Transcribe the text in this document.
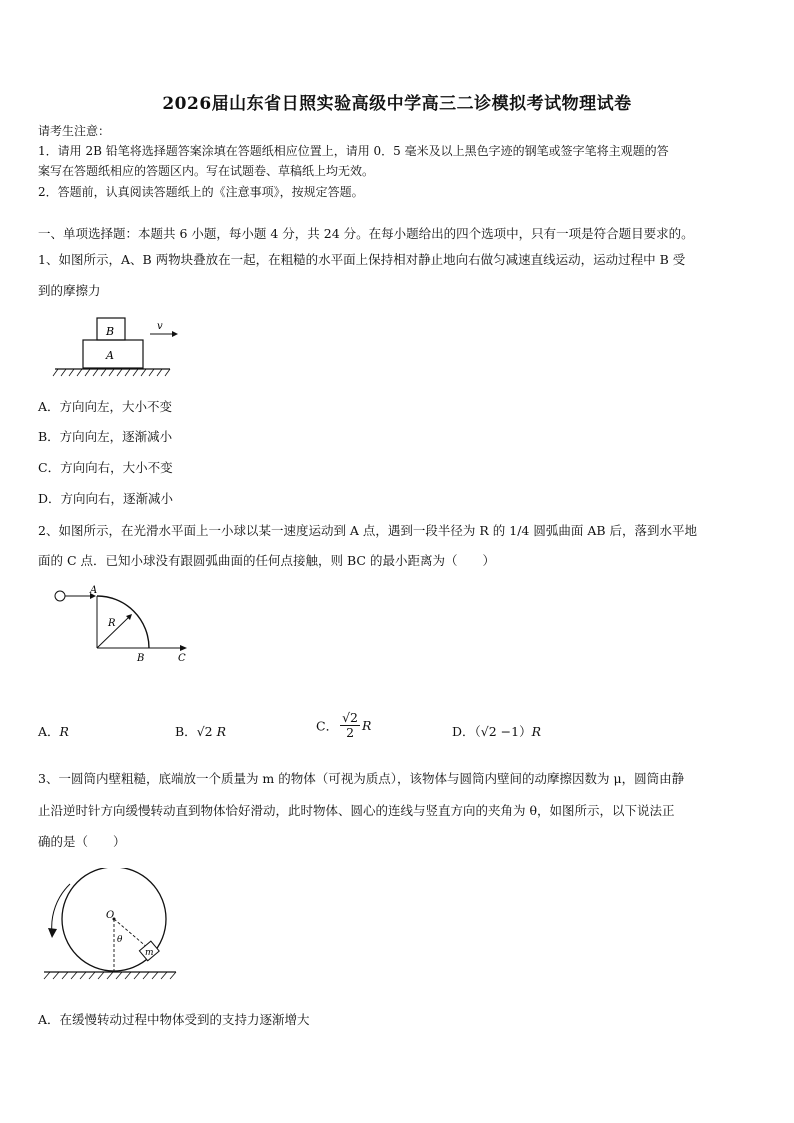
2026届山东省日照实验高级中学高三二诊模拟考试物理试卷
请考生注意：
1．请用 2B 铅笔将选择题答案涂填在答题纸相应位置上，请用 0．5 毫米及以上黑色字迹的钢笔或签字笔将主观题的答
案写在答题纸相应的答题区内。写在试题卷、草稿纸上均无效。
2．答题前，认真阅读答题纸上的《注意事项》，按规定答题。
一、单项选择题：本题共 6 小题，每小题 4 分，共 24 分。在每小题给出的四个选项中，只有一项是符合题目要求的。
1、如图所示，A、B 两物块叠放在一起，在粗糙的水平面上保持相对静止地向右做匀减速直线运动，运动过程中 B 受
到的摩擦力
B
A
v
A．方向向左，大小不变
B．方向向左，逐渐减小
C．方向向右，大小不变
D．方向向右，逐渐减小
2、如图所示，在光滑水平面上一小球以某一速度运动到 A 点，遇到一段半径为 R 的 1/4 圆弧曲面 AB 后，落到水平地
面的 C 点．已知小球没有跟圆弧曲面的任何点接触，则 BC 的最小距离为（　　）
A
R
B	C
A．R	B．√2 R	C． $\frac{√2}{2}$ R	D．（√2 −1）R
3、一圆筒内壁粗糙，底端放一个质量为 m 的物体（可视为质点），该物体与圆筒内壁间的动摩擦因数为 μ，圆筒由静
止沿逆时针方向缓慢转动直到物体恰好滑动，此时物体、圆心的连线与竖直方向的夹角为 θ，如图所示，以下说法正
确的是（　　）
O
θ
m
A．在缓慢转动过程中物体受到的支持力逐渐增大
